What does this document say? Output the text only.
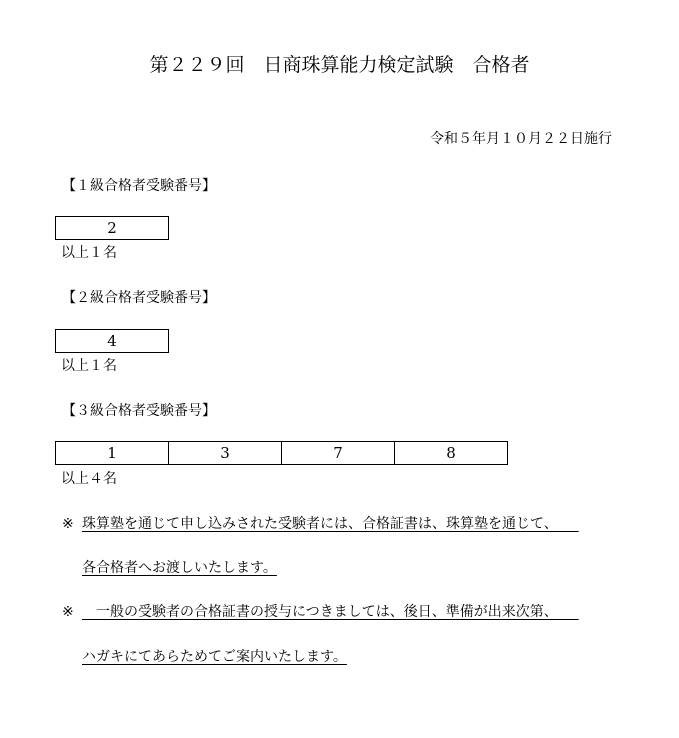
第２２９回　日商珠算能力検定試験　合格者
令和５年月１０月２２日施行
【１級合格者受験番号】
2
以上１名
【２級合格者受験番号】
4
以上１名
【３級合格者受験番号】
1	3	7	8
以上４名
※ 珠算塾を通じて申し込みされた受験者には、合格証書は、珠算塾を通じて、　　
各合格者へお渡しいたします。
※　一般の受験者の合格証書の授与につきましては、後日、準備が出来次第、　　
ハガキにてあらためてご案内いたします。
